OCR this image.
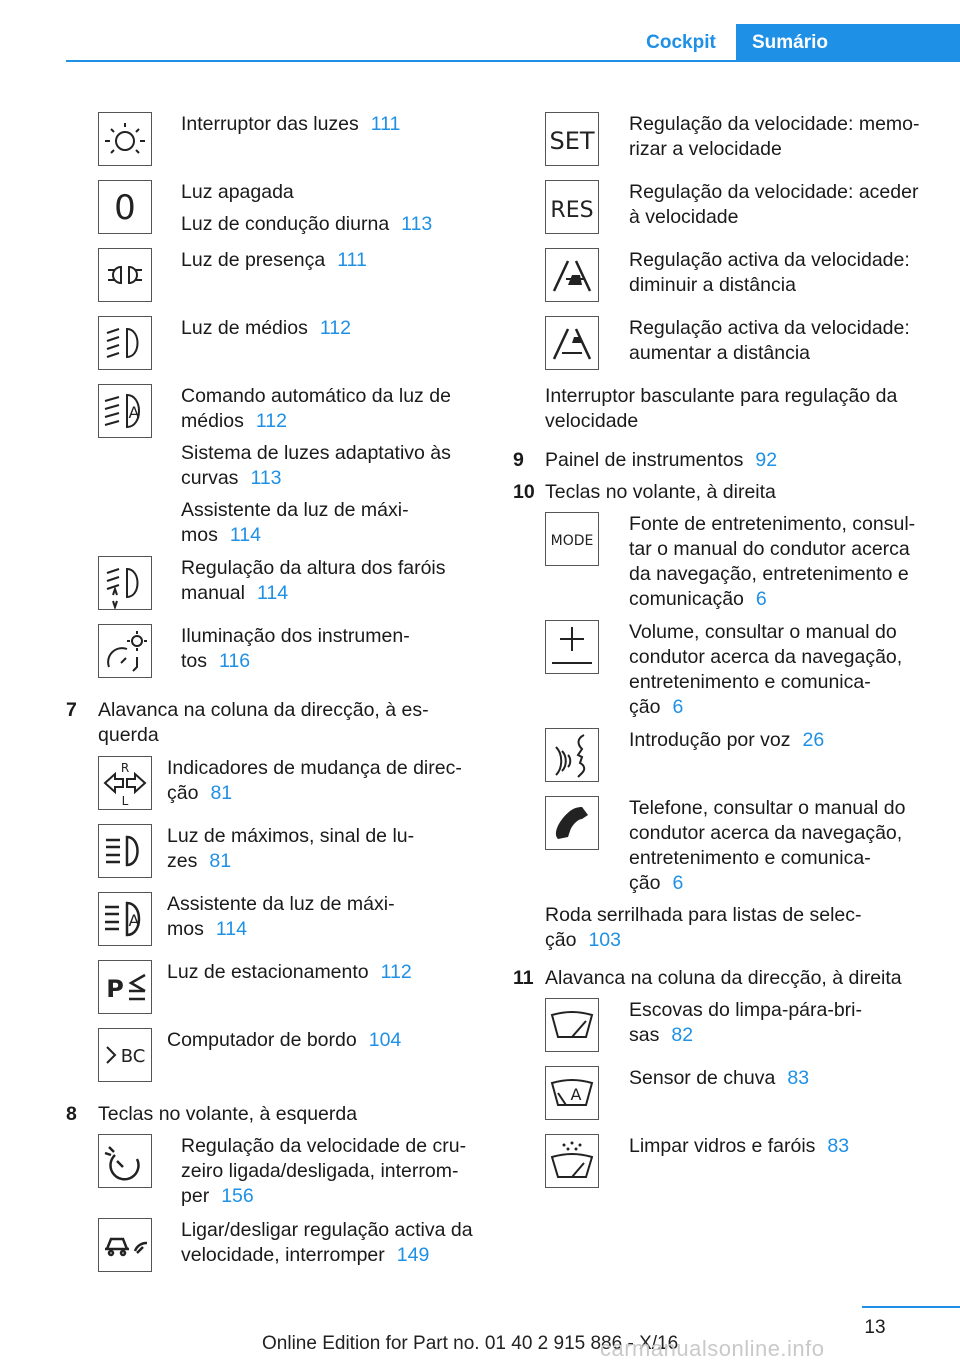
Cockpit	Sumário

Interruptor das luzes 111

0 Luz apagada

Luz de condução diurna 113

Luz de presença 111

Luz de médios 112

A

Comando automático da luz de médios 112

Sistema de luzes adaptativo às curvas 113

Assistente da luz de máxi- mos 114

Regulação da altura dos faróis manual 114

Iluminação dos instrumen- tos 116

7 Alavanca na coluna da direcção, à es- querda
R
L

Indicadores de mudança de direc- ção 81

Luz de máximos, sinal de lu- zes 81

A

Assistente da luz de máxi- mos 114

P

Luz de estacionamento 112

BC

Computador de bordo 104

8 Teclas no volante, à esquerda

Regulação da velocidade de cru- zeiro ligada/desligada, interrom- per 156

Ligar/desligar regulação activa da velocidade, interromper 149

SET

Regulação da velocidade: memo- rizar a velocidade

RES

Regulação da velocidade: aceder à velocidade

Regulação activa da velocidade: diminuir a distância

Regulação activa da velocidade: aumentar a distância

Interruptor basculante para regulação da velocidade
9 Painel de instrumentos 92
10 Teclas no volante, à direita
MODE

Fonte de entretenimento, consul- tar o manual do condutor acerca da navegação, entretenimento e comunicação 6

Volume, consultar o manual do condutor acerca da navegação, entretenimento e comunica- ção 6

Introdução por voz 26

Telefone, consultar o manual do condutor acerca da navegação, entretenimento e comunica- ção 6

Roda serrilhada para listas de selec- ção 103
11 Alavanca na coluna da direcção, à direita

Escovas do limpa-pára-bri- sas 82

A

Sensor de chuva 83

Limpar vidros e faróis 83

13
Online Edition for Part no. 01 40 2 915 886 - X/16
carmanualsonline.info
